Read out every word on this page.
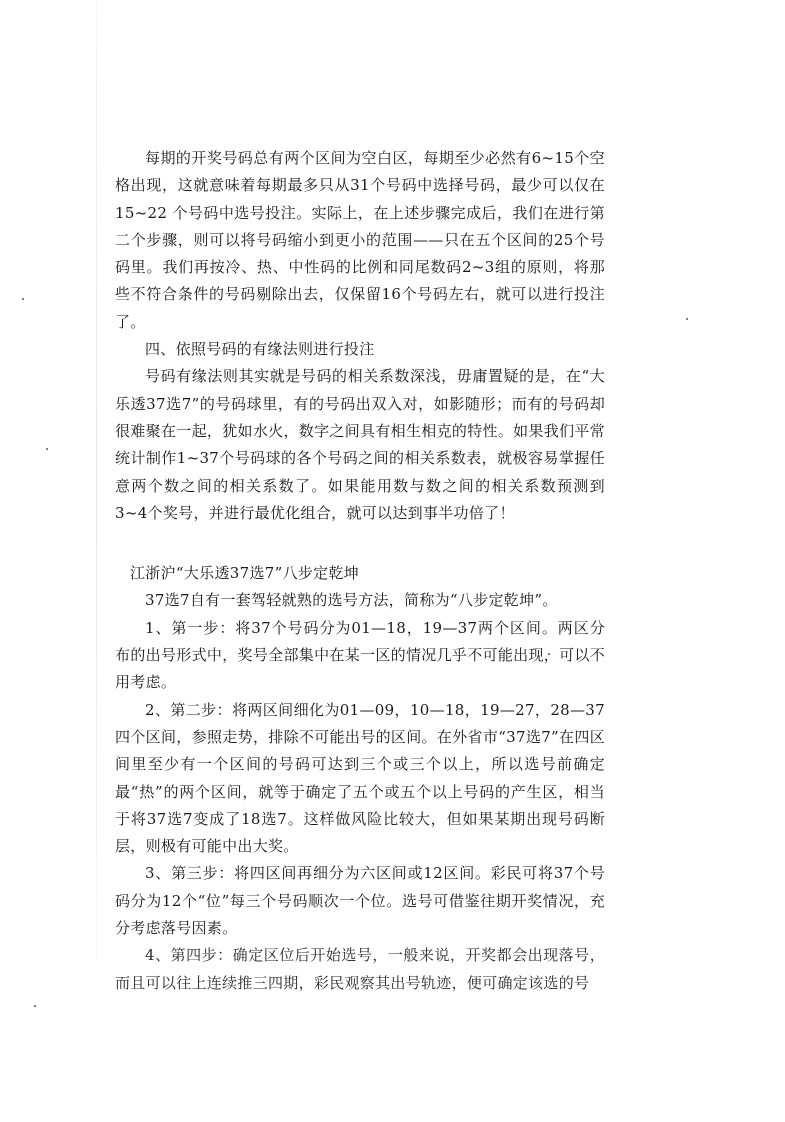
每期的开奖号码总有两个区间为空白区，每期至少必然有6~15个空格出现，这就意味着每期最多只从31个号码中选择号码，最少可以仅在15~22 个号码中选号投注。实际上，在上述步骤完成后，我们在进行第二个步骤，则可以将号码缩小到更小的范围——只在五个区间的25个号码里。我们再按冷、热、中性码的比例和同尾数码2~3组的原则，将那些不符合条件的号码剔除出去，仅保留16个号码左右，就可以进行投注了。

四、依照号码的有缘法则进行投注

号码有缘法则其实就是号码的相关系数深浅，毋庸置疑的是，在“大乐透37选7”的号码球里，有的号码出双入对，如影随形；而有的号码却很难聚在一起，犹如水火，数字之间具有相生相克的特性。如果我们平常统计制作1~37个号码球的各个号码之间的相关系数表，就极容易掌握任意两个数之间的相关系数了。如果能用数与数之间的相关系数预测到3~4个奖号，并进行最优化组合，就可以达到事半功倍了！

江浙沪“大乐透37选7”八步定乾坤

37选7自有一套驾轻就熟的选号方法，简称为“八步定乾坤”。

1、第一步：将37个号码分为01—18，19—37两个区间。两区分布的出号形式中，奖号全部集中在某一区的情况几乎不可能出现，可以不用考虑。

2、第二步：将两区间细化为01—09，10—18，19—27，28—37四个区间，参照走势，排除不可能出号的区间。在外省市“37选7”在四区间里至少有一个区间的号码可达到三个或三个以上，所以选号前确定最“热”的两个区间，就等于确定了五个或五个以上号码的产生区，相当于将37选7变成了18选7。这样做风险比较大，但如果某期出现号码断层，则极有可能中出大奖。

3、第三步：将四区间再细分为六区间或12区间。彩民可将37个号码分为12个“位”每三个号码顺次一个位。选号可借鉴往期开奖情况，充分考虑落号因素。

4、第四步：确定区位后开始选号，一般来说，开奖都会出现落号，而且可以往上连续推三四期，彩民观察其出号轨迹，便可确定该选的号
